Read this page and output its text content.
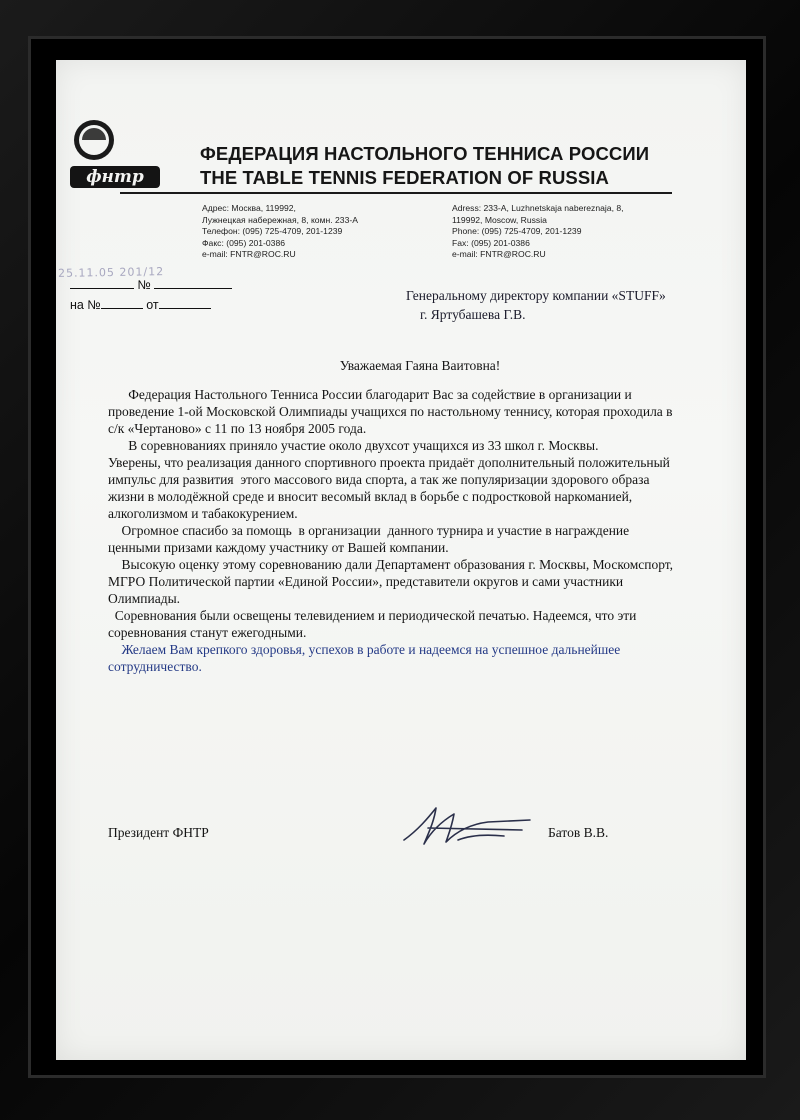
фнтр
ФЕДЕРАЦИЯ НАСТОЛЬНОГО ТЕННИСА РОССИИ
THE TABLE TENNIS FEDERATION OF RUSSIA
Адрес: Москва, 119992,
Лужнецкая набережная, 8, комн. 233-А
Телефон: (095) 725-4709, 201-1239
Факс: (095) 201-0386
e-mail: FNTR@ROC.RU
Adress: 233-A, Luzhnetskaja nabereznaja, 8,
119992, Moscow, Russia
Phone: (095) 725-4709, 201-1239
Fax: (095) 201-0386
e-mail: FNTR@ROC.RU
25.11.05 201/12
№
на №	от
Генеральному директору компании «STUFF»
г. Яртубашева Г.В.
Уважаемая Гаяна Ваитовна!

Федерация Настольного Тенниса России благодарит Вас за содействие в организации и

проведение 1-ой Московской Олимпиады учащихся по настольному теннису, которая проходила в

с/к «Чертаново» с 11 по 13 ноября 2005 года.

В соревнованиях приняло участие около двухсот учащихся из 33 школ г. Москвы.

Уверены, что реализация данного спортивного проекта придаёт дополнительный положительный

импульс для развития  этого массового вида спорта, а так же популяризации здорового образа

жизни в молодёжной среде и вносит весомый вклад в борьбе с подростковой наркоманией,

алкоголизмом и табакокурением.

Огромное спасибо за помощь  в организации  данного турнира и участие в награждение

ценными призами каждому участнику от Вашей компании.

Высокую оценку этому соревнованию дали Департамент образования г. Москвы, Москомспорт,

МГРО Политической партии «Единой России», представители округов и сами участники

Олимпиады.

Соревнования были освещены телевидением и периодической печатью. Надеемся, что эти

соревнования станут ежегодными.

Желаем Вам крепкого здоровья, успехов в работе и надеемся на успешное дальнейшее

сотрудничество.

Президент ФНТР	Батов В.В.
